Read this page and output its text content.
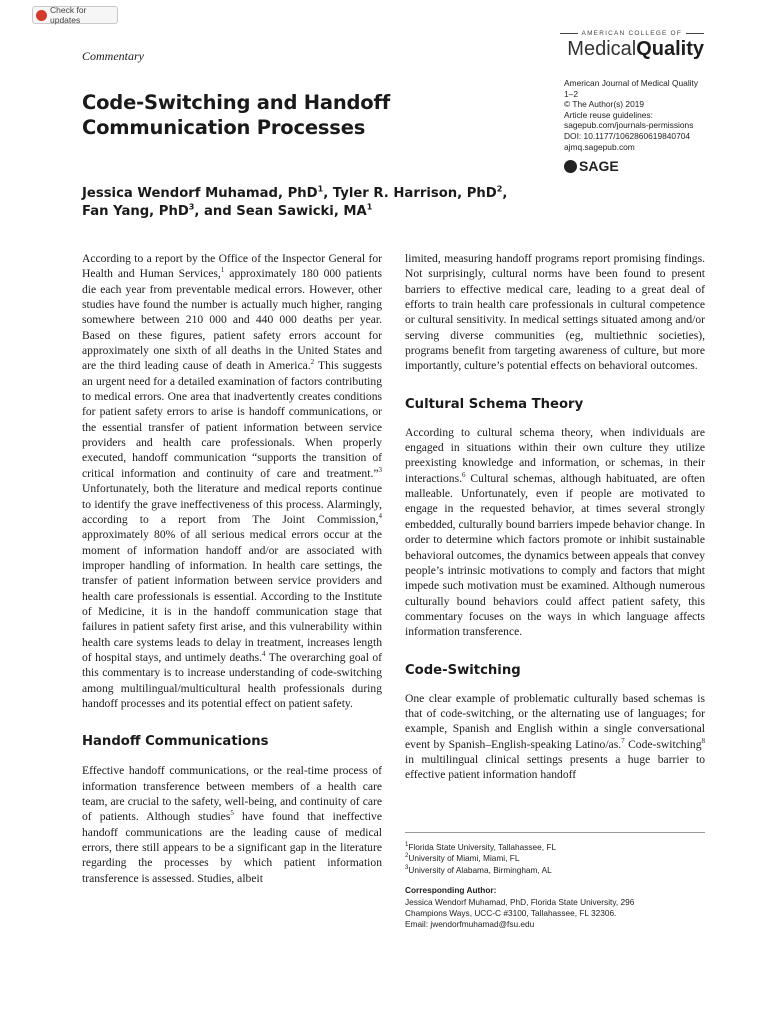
Check for updates
Commentary
AMERICAN COLLEGE OF
MedicalQuality
American Journal of Medical Quality
1–2
© The Author(s) 2019
Article reuse guidelines:
sagepub.com/journals-permissions
DOI: 10.1177/1062860619840704
ajmq.sagepub.com
SAGE
Code-Switching and Handoff Communication Processes
Jessica Wendorf Muhamad, PhD$^1$, Tyler R. Harrison, PhD$^2$,
Fan Yang, PhD$^3$, and Sean Sawicki, $MA^1$

According to a report by the Office of the Inspector General for Health and Human Services,$^1$ approximately 180 000 patients die each year from preventable medical errors. However, other studies have found the number is actually much higher, ranging somewhere between 210 000 and 440 000 deaths per year. Based on these figures, patient safety errors account for approximately one sixth of all deaths in the United States and are the third leading cause of death in America.$^2$ This suggests an urgent need for a detailed examination of factors contributing to medical errors. One area that inadvertently creates conditions for patient safety errors to arise is handoff communications, or the essential transfer of patient information between service providers and health care professionals. When properly executed, handoff communication “supports the transition of critical information and continuity of care and treatment.”$^3$ Unfortunately, both the literature and medical reports continue to identify the grave ineffectiveness of this process. Alarmingly, according to a report from The Joint Commission,$^4$ approximately 80% of all serious medical errors occur at the moment of information handoff and/or are associated with improper handling of information. In health care settings, the transfer of patient information between service providers and health care professionals is essential. According to the Institute of Medicine, it is in the handoff communication stage that failures in patient safety first arise, and this vulnerability within health care systems leads to delay in treatment, increases length of hospital stays, and untimely deaths.$^4$ The overarching goal of this commentary is to increase understanding of code-switching among multilingual/multicultural health professionals during handoff processes and its potential effect on patient safety.

Handoff Communications

Effective handoff communications, or the real-time process of information transference between members of a health care team, are crucial to the safety, well-being, and continuity of care of patients. Although studies$^5$ have found that ineffective handoff communications are the leading cause of medical errors, there still appears to be a significant gap in the literature regarding the processes by which patient information transference is assessed. Studies, albeit

limited, measuring handoff programs report promising findings. Not surprisingly, cultural norms have been found to present barriers to effective medical care, leading to a great deal of efforts to train health care professionals in cultural competence or cultural sensitivity. In medical settings situated among and/or serving diverse communities (eg, multiethnic societies), programs benefit from targeting awareness of culture, but more importantly, culture’s potential effects on behavioral outcomes.

Cultural Schema Theory

According to cultural schema theory, when individuals are engaged in situations within their own culture they utilize preexisting knowledge and information, or schemas, in their interactions.$^6$ Cultural schemas, although habituated, are often malleable. Unfortunately, even if people are motivated to engage in the requested behavior, at times several strongly embedded, culturally bound barriers impede behavior change. In order to determine which factors promote or inhibit sustainable behavioral outcomes, the dynamics between appeals that convey people’s intrinsic motivations to comply and factors that might impede such motivation must be examined. Although numerous culturally bound behaviors could affect patient safety, this commentary focuses on the ways in which language affects information transference.

Code-Switching

One clear example of problematic culturally based schemas is that of code-switching, or the alternating use of languages; for example, Spanish and English within a single conversational event by Spanish–English-speaking Latino/as.$^7$ Code-switching$^8$ in multilingual clinical settings presents a huge barrier to effective patient information handoff

$^1$Florida State University, Tallahassee, FL
$^2$University of Miami, Miami, FL
$^3$University of Alabama, Birmingham, AL
Corresponding Author:
Jessica Wendorf Muhamad, PhD, Florida State University, 296
Champions Ways, UCC-C #3100, Tallahassee, FL 32306.
Email: jwendorfmuhamad@fsu.edu
